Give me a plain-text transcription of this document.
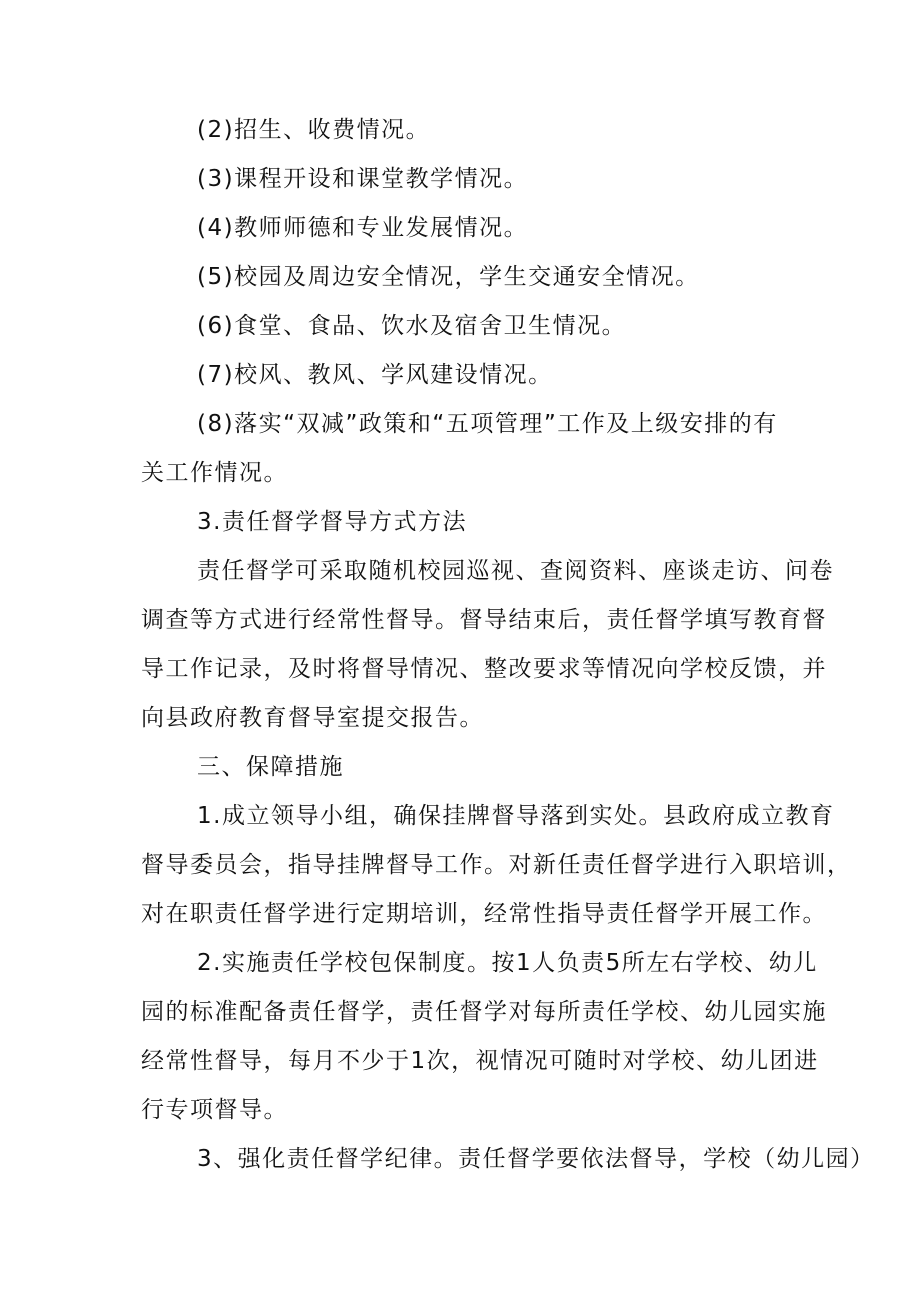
(2)招生、收费情况。
(3)课程开设和课堂教学情况。
(4)教师师德和专业发展情况。
(5)校园及周边安全情况，学生交通安全情况。
(6)食堂、食品、饮水及宿舍卫生情况。
(7)校风、教风、学风建设情况。
(8)落实“双减”政策和“五项管理”工作及上级安排的有
关工作情况。
3.责任督学督导方式方法
责任督学可采取随机校园巡视、查阅资料、座谈走访、问卷
调查等方式进行经常性督导。督导结束后，责任督学填写教育督
导工作记录，及时将督导情况、整改要求等情况向学校反馈，并
向县政府教育督导室提交报告。
三、保障措施
1.成立领导小组，确保挂牌督导落到实处。县政府成立教育
督导委员会，指导挂牌督导工作。对新任责任督学进行入职培训，
对在职责任督学进行定期培训，经常性指导责任督学开展工作。
2.实施责任学校包保制度。按1人负责5所左右学校、幼儿
园的标准配备责任督学，责任督学对每所责任学校、幼儿园实施
经常性督导，每月不少于1次，视情况可随时对学校、幼儿团进
行专项督导。
3、强化责任督学纪律。责任督学要依法督导，学校（幼儿园）
